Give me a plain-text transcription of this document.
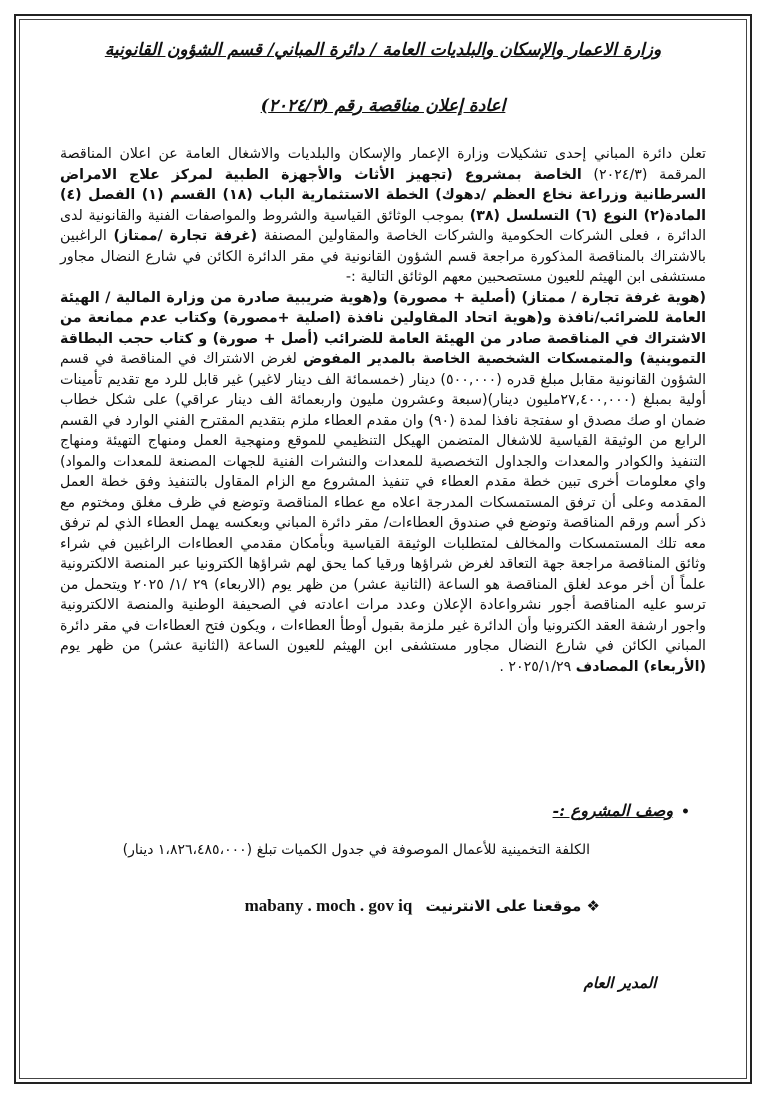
وزارة الاعمار والإسكان والبلديات العامة / دائرة المباني/ قسم الشؤون القانونية
اعادة إعلان مناقصة رقم (٢٠٢٤/٣)

تعلن دائرة المباني إحدى تشكيلات وزارة الإعمار والإسكان والبلديات والاشغال العامة عن اعلان المناقصة المرقمة (٢٠٢٤/٣) الخاصة بمشروع (تجهيز الأثاث والأجهزة الطبية لمركز علاج الامراض السرطانية وزراعة نخاع العظم /دهوك) الخطة الاستثمارية الباب (١٨) القسم (١) الفصل (٤) المادة(٢) النوع (٦) التسلسل (٣٨) بموجب الوثائق القياسية والشروط والمواصفات الفنية والقانونية لدى الدائرة ، فعلى الشركات الحكومية والشركات الخاصة والمقاولين المصنفة (غرفة تجارة /ممتاز) الراغبين بالاشتراك بالمناقصة المذكورة مراجعة قسم الشؤون القانونية في مقر الدائرة الكائن في شارع النضال مجاور مستشفى ابن الهيثم للعيون مستصحبين معهم الوثائق التالية :-

(هوية غرفة تجارة / ممتاز) (أصلية + مصورة) و(هوية ضريبية صادرة من وزارة المالية / الهيئة العامة للضرائب/نافذة و(هوية اتحاد المقاولين نافذة (اصلية +مصورة) وكتاب عدم ممانعة من الاشتراك في المناقصة صادر من الهيئة العامة للضرائب (أصل + صورة) و كتاب حجب البطاقة التموينية) والمتمسكات الشخصية الخاصة بالمدير المفوض لغرض الاشتراك في المناقصة في قسم الشؤون القانونية مقابل مبلغ قدره (٥٠٠,٠٠٠) دينار (خمسمائة الف دينار لاغير) غير قابل للرد مع تقديم تأمينات أولية بمبلغ (٢٧,٤٠٠,٠٠٠مليون دينار)(سبعة وعشرون مليون واربعمائة الف دينار عراقي) على شكل خطاب ضمان او صك مصدق او سفتجة نافذا لمدة (٩٠) وان مقدم العطاء ملزم بتقديم المقترح الفني الوارد في القسم الرابع من الوثيقة القياسية للاشغال المتضمن الهيكل التنظيمي للموقع ومنهجية العمل ومنهاج التهيئة ومنهاج التنفيذ والكوادر والمعدات والجداول التخصصية للمعدات والنشرات الفنية للجهات المصنعة للمعدات والمواد) واي معلومات أخرى تبين خطة مقدم العطاء في تنفيذ المشروع مع الزام المقاول بالتنفيذ وفق خطة العمل المقدمه وعلى أن ترفق المستمسكات المدرجة اعلاه مع عطاء المناقصة وتوضع في ظرف مغلق ومختوم مع ذكر أسم ورقم المناقصة وتوضع في صندوق العطاءات/ مقر دائرة المباني وبعكسه يهمل العطاء الذي لم ترفق معه تلك المستمسكات والمخالف لمتطلبات الوثيقة القياسية وبأمكان مقدمي العطاءات الراغبين في شراء وثائق المناقصة مراجعة جهة التعاقد لغرض شراؤها ورقيا كما يحق لهم شراؤها الكترونيا عبر المنصة الالكترونية علماً أن أخر موعد لغلق المناقصة هو الساعة (الثانية عشر) من ظهر يوم (الاربعاء) ٢٩ /١/ ٢٠٢٥ ويتحمل من ترسو عليه المناقصة أجور نشرواعادة الإعلان وعدد مرات اعادته في الصحيفة الوطنية والمنصة الالكترونية واجور ارشفة العقد الكترونيا وأن الدائرة غير ملزمة بقبول أوطأ العطاءات ، ويكون فتح العطاءات في مقر دائرة المباني الكائن في شارع النضال مجاور مستشفى ابن الهيثم للعيون الساعة (الثانية عشر) من ظهر يوم (الأربعاء) المصادف ٢٠٢٥/١/٢٩ .

•وصف المشروع :-
الكلفة التخمينية للأعمال الموصوفة في جدول الكميات تبلغ (١،٨٢٦،٤٨٥،٠٠٠ دينار)
❖ موقعنا على الانترنيت mabany . moch . gov iq
المدير العام
